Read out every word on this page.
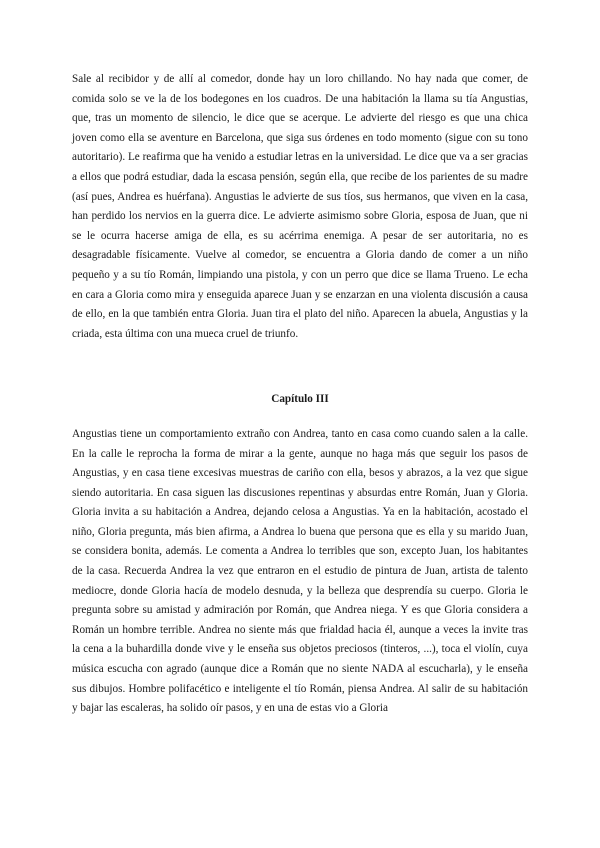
Sale al recibidor y de allí al comedor, donde hay un loro chillando. No hay nada que comer, de comida solo se ve la de los bodegones en los cuadros. De una habitación la llama su tía Angustias, que, tras un momento de silencio, le dice que se acerque. Le advierte del riesgo es que una chica joven como ella se aventure en Barcelona, que siga sus órdenes en todo momento (sigue con su tono autoritario). Le reafirma que ha venido a estudiar letras en la universidad. Le dice que va a ser gracias a ellos que podrá estudiar, dada la escasa pensión, según ella, que recibe de los parientes de su madre (así pues, Andrea es huérfana). Angustias le advierte de sus tíos, sus hermanos, que viven en la casa, han perdido los nervios en la guerra dice. Le advierte asimismo sobre Gloria, esposa de Juan, que ni se le ocurra hacerse amiga de ella, es su acérrima enemiga. A pesar de ser autoritaria, no es desagradable físicamente. Vuelve al comedor, se encuentra a Gloria dando de comer a un niño pequeño y a su tío Román, limpiando una pistola, y con un perro que dice se llama Trueno. Le echa en cara a Gloria como mira y enseguida aparece Juan y se enzarzan en una violenta discusión a causa de ello, en la que también entra Gloria. Juan tira el plato del niño. Aparecen la abuela, Angustias y la criada, esta última con una mueca cruel de triunfo.

Capítulo III

Angustias tiene un comportamiento extraño con Andrea, tanto en casa como cuando salen a la calle. En la calle le reprocha la forma de mirar a la gente, aunque no haga más que seguir los pasos de Angustias, y en casa tiene excesivas muestras de cariño con ella, besos y abrazos, a la vez que sigue siendo autoritaria. En casa siguen las discusiones repentinas y absurdas entre Román, Juan y Gloria. Gloria invita a su habitación a Andrea, dejando celosa a Angustias. Ya en la habitación, acostado el niño, Gloria pregunta, más bien afirma, a Andrea lo buena que persona que es ella y su marido Juan, se considera bonita, además. Le comenta a Andrea lo terribles que son, excepto Juan, los habitantes de la casa. Recuerda Andrea la vez que entraron en el estudio de pintura de Juan, artista de talento mediocre, donde Gloria hacía de modelo desnuda, y la belleza que desprendía su cuerpo. Gloria le pregunta sobre su amistad y admiración por Román, que Andrea niega. Y es que Gloria considera a Román un hombre terrible. Andrea no siente más que frialdad hacia él, aunque a veces la invite tras la cena a la buhardilla donde vive y le enseña sus objetos preciosos (tinteros, ...), toca el violín, cuya música escucha con agrado (aunque dice a Román que no siente NADA al escucharla), y le enseña sus dibujos. Hombre polifacético e inteligente el tío Román, piensa Andrea. Al salir de su habitación y bajar las escaleras, ha solido oír pasos, y en una de estas vio a Gloria
